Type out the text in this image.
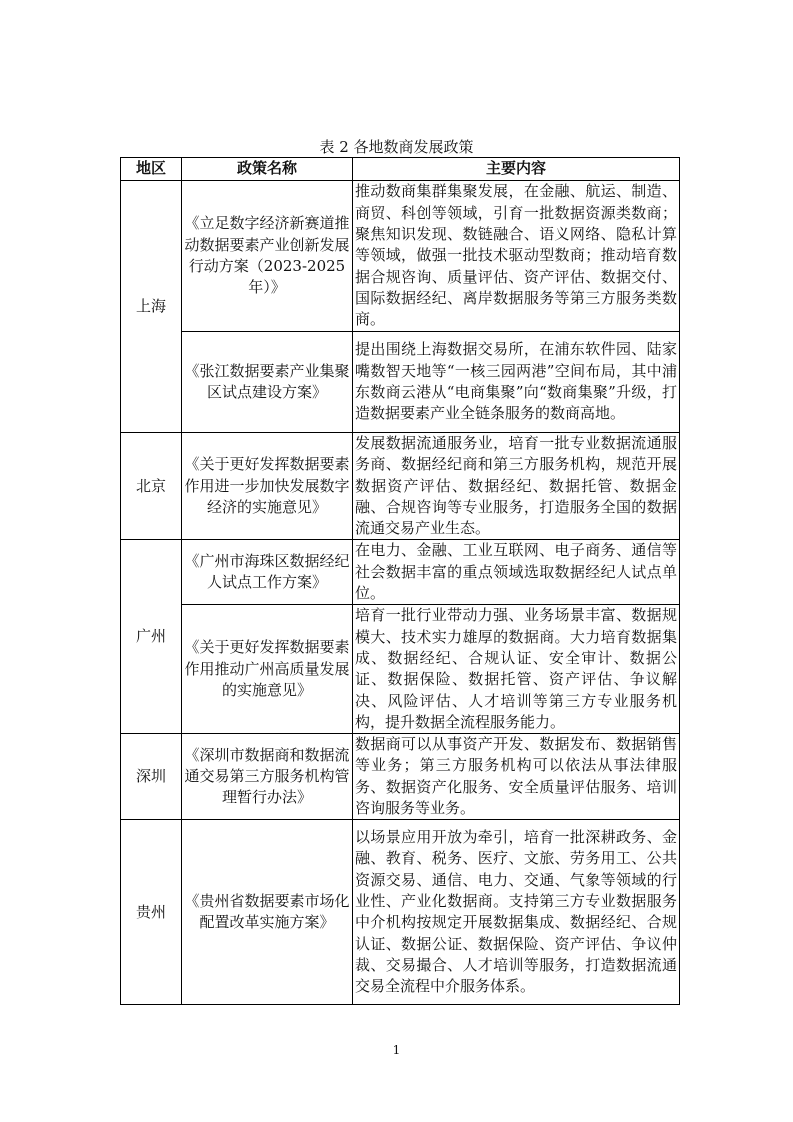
表 2 各地数商发展政策
地区	政策名称	主要内容
上海	《立足数字经济新赛道推动数据要素产业创新发展行动方案（2023-2025年）》	推动数商集群集聚发展，在金融、航运、制造、商贸、科创等领域，引育一批数据资源类数商；聚焦知识发现、数链融合、语义网络、隐私计算等领域，做强一批技术驱动型数商；推动培育数据合规咨询、质量评估、资产评估、数据交付、国际数据经纪、离岸数据服务等第三方服务类数商。
	《张江数据要素产业集聚区试点建设方案》	提出围绕上海数据交易所，在浦东软件园、陆家嘴数智天地等“一核三园两港”空间布局，其中浦东数商云港从“电商集聚”向“数商集聚”升级，打造数据要素产业全链条服务的数商高地。
北京	《关于更好发挥数据要素作用进一步加快发展数字经济的实施意见》	发展数据流通服务业，培育一批专业数据流通服务商、数据经纪商和第三方服务机构，规范开展数据资产评估、数据经纪、数据托管、数据金融、合规咨询等专业服务，打造服务全国的数据流通交易产业生态。
广州	《广州市海珠区数据经纪人试点工作方案》	在电力、金融、工业互联网、电子商务、通信等社会数据丰富的重点领域选取数据经纪人试点单位。
	《关于更好发挥数据要素作用推动广州高质量发展的实施意见》	培育一批行业带动力强、业务场景丰富、数据规模大、技术实力雄厚的数据商。大力培育数据集成、数据经纪、合规认证、安全审计、数据公证、数据保险、数据托管、资产评估、争议解决、风险评估、人才培训等第三方专业服务机构，提升数据全流程服务能力。
深圳	《深圳市数据商和数据流通交易第三方服务机构管理暂行办法》	数据商可以从事资产开发、数据发布、数据销售等业务；第三方服务机构可以依法从事法律服务、数据资产化服务、安全质量评估服务、培训咨询服务等业务。
贵州	《贵州省数据要素市场化配置改革实施方案》	以场景应用开放为牵引，培育一批深耕政务、金融、教育、税务、医疗、文旅、劳务用工、公共资源交易、通信、电力、交通、气象等领域的行业性、产业化数据商。支持第三方专业数据服务中介机构按规定开展数据集成、数据经纪、合规认证、数据公证、数据保险、资产评估、争议仲裁、交易撮合、人才培训等服务，打造数据流通交易全流程中介服务体系。
1
